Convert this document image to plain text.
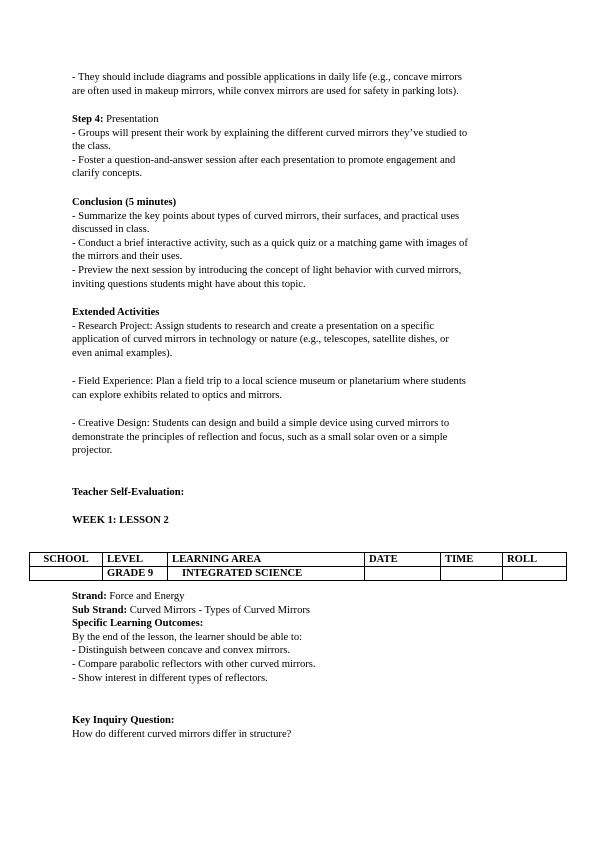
- They should include diagrams and possible applications in daily life (e.g., concave mirrors
are often used in makeup mirrors, while convex mirrors are used for safety in parking lots).
Step 4: Presentation
- Groups will present their work by explaining the different curved mirrors they’ve studied to
the class.
- Foster a question-and-answer session after each presentation to promote engagement and
clarify concepts.
Conclusion (5 minutes)
- Summarize the key points about types of curved mirrors, their surfaces, and practical uses
discussed in class.
- Conduct a brief interactive activity, such as a quick quiz or a matching game with images of
the mirrors and their uses.
- Preview the next session by introducing the concept of light behavior with curved mirrors,
inviting questions students might have about this topic.
Extended Activities
- Research Project: Assign students to research and create a presentation on a specific
application of curved mirrors in technology or nature (e.g., telescopes, satellite dishes, or
even animal examples).
- Field Experience: Plan a field trip to a local science museum or planetarium where students
can explore exhibits related to optics and mirrors.
- Creative Design: Students can design and build a simple device using curved mirrors to
demonstrate the principles of reflection and focus, such as a small solar oven or a simple
projector.
Teacher Self-Evaluation:
WEEK 1: LESSON 2
SCHOOL	LEVEL	LEARNING AREA	DATE	TIME	ROLL
	GRADE 9	INTEGRATED SCIENCE			
Strand: Force and Energy
Sub Strand: Curved Mirrors - Types of Curved Mirrors
Specific Learning Outcomes:
By the end of the lesson, the learner should be able to:
- Distinguish between concave and convex mirrors.
- Compare parabolic reflectors with other curved mirrors.
- Show interest in different types of reflectors.
Key Inquiry Question:
How do different curved mirrors differ in structure?
